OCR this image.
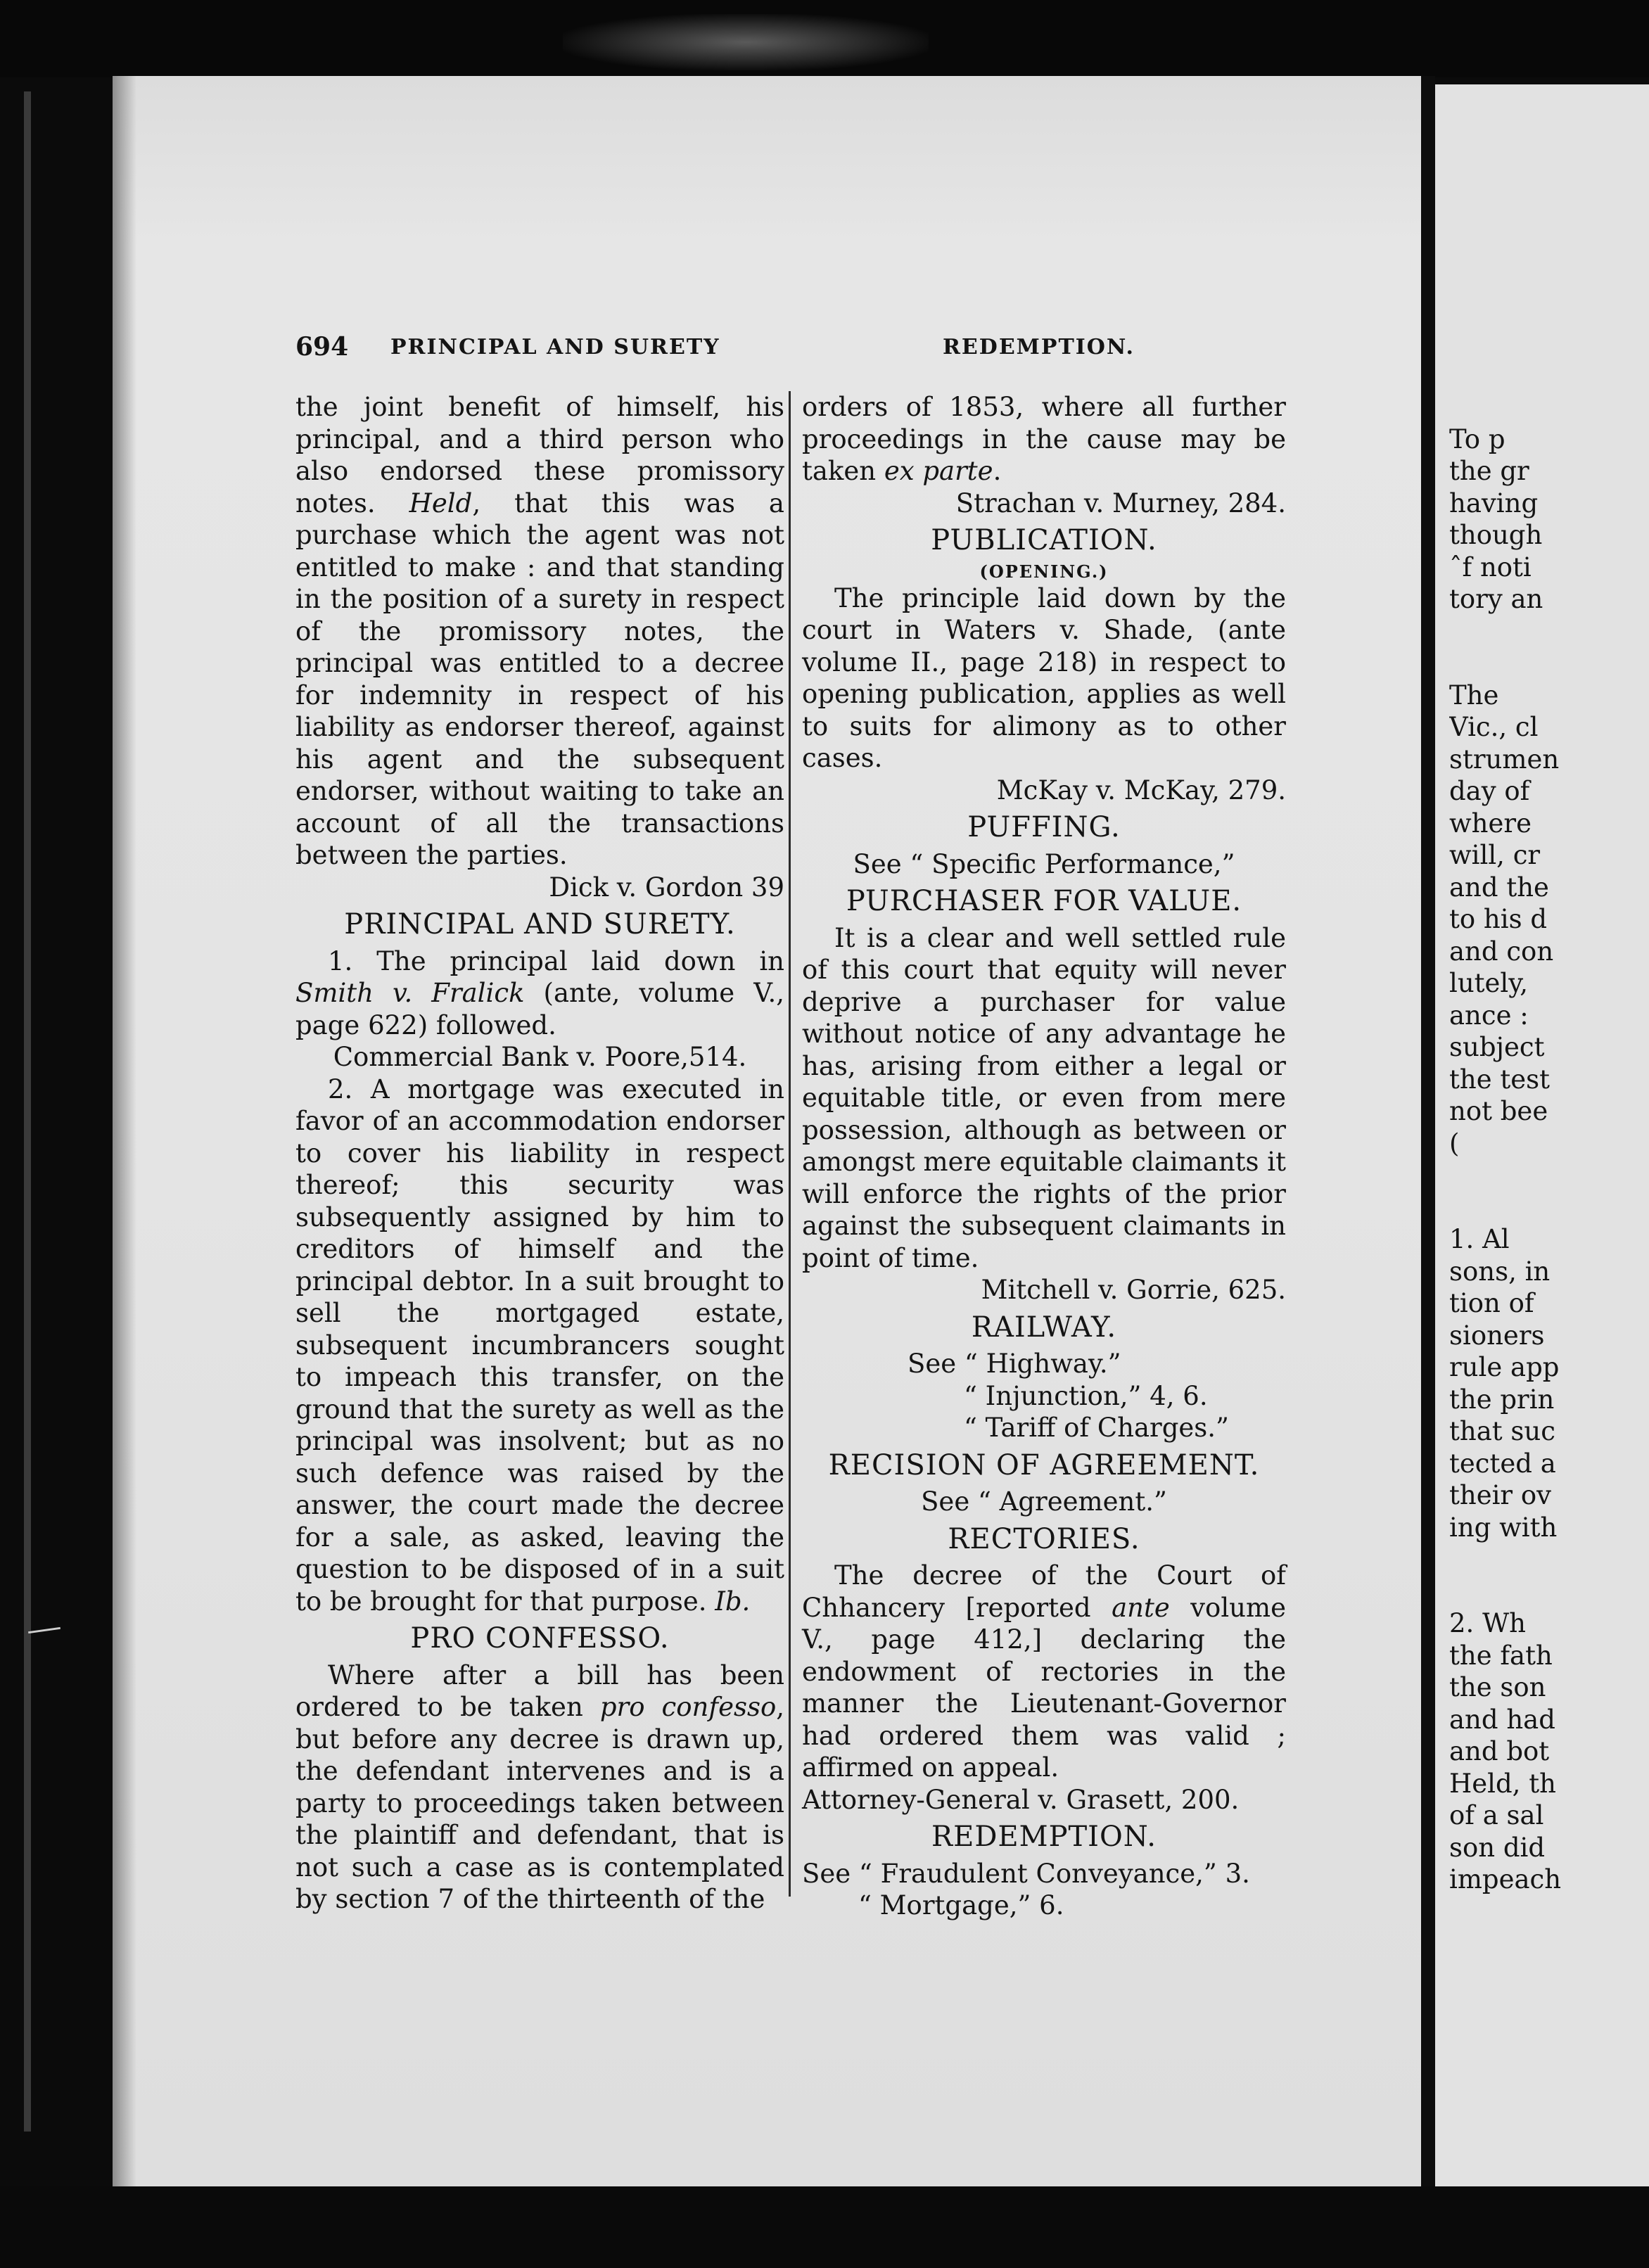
694 PRINCIPAL AND SURETY	REDEMPTION.

the joint benefit of himself, his principal, and a third person who also endorsed these promissory notes. Held, that this was a purchase which the agent was not entitled to make : and that standing in the position of a surety in respect of the promissory notes, the principal was entitled to a decree for indemnity in respect of his liability as endorser thereof, against his agent and the subsequent endorser, without waiting to take an account of all the transactions between the parties.

Dick v. Gordon 39

PRINCIPAL AND SURETY.

1. The principal laid down in Smith v. Fralick (ante, volume V., page 622) followed.

Commercial Bank v. Poore,514.

2. A mortgage was executed in favor of an accommodation endorser to cover his liability in respect thereof; this security was subsequently assigned by him to creditors of himself and the principal debtor. In a suit brought to sell the mortgaged estate, subsequent incumbrancers sought to impeach this transfer, on the ground that the surety as well as the principal was insolvent; but as no such defence was raised by the answer, the court made the decree for a sale, as asked, leaving the question to be disposed of in a suit to be brought for that purpose. Ib.

PRO CONFESSO.

Where after a bill has been ordered to be taken pro confesso, but before any decree is drawn up, the defendant intervenes and is a party to proceedings taken between the plaintiff and defendant, that is not such a case as is contemplated by section 7 of the thirteenth of the

orders of 1853, where all further proceedings in the cause may be taken ex parte.

Strachan v. Murney, 284.

PUBLICATION.

(OPENING.)

The principle laid down by the court in Waters v. Shade, (ante volume II., page 218) in respect to opening publication, applies as well to suits for alimony as to other cases.

McKay v. McKay, 279.

PUFFING.

See “ Specific Performance,”

PURCHASER FOR VALUE.

It is a clear and well settled rule of this court that equity will never deprive a purchaser for value without notice of any advantage he has, arising from either a legal or equitable title, or even from mere possession, although as between or amongst mere equitable claimants it will enforce the rights of the prior against the subsequent claimants in point of time.

Mitchell v. Gorrie, 625.

RAILWAY.

See “ Highway.”

“ Injunction,” 4, 6.

“ Tariff of Charges.”

RECISION OF AGREEMENT.

See “ Agreement.”

RECTORIES.

The decree of the Court of Chhancery [reported ante volume V., page 412,] declaring the endowment of rectories in the manner the Lieutenant-Governor had ordered them was valid ; affirmed on appeal.

Attorney-General v. Grasett, 200.

REDEMPTION.

See “ Fraudulent Conveyance,” 3.

“ Mortgage,” 6.

To p
the gr
having
though
ˆf noti
tory an
The
Vic., cl
strumen
day of
where
will, cr
and the
to his d
and con
lutely,
ance :
subject
the test
not bee
(
1. Al
sons, in
tion of
sioners
rule app
the prin
that suc
tected a
their ov
ing with
2. Wh
the fath
the son
and had
and bot
Held, th
of a sal
son did
impeach
